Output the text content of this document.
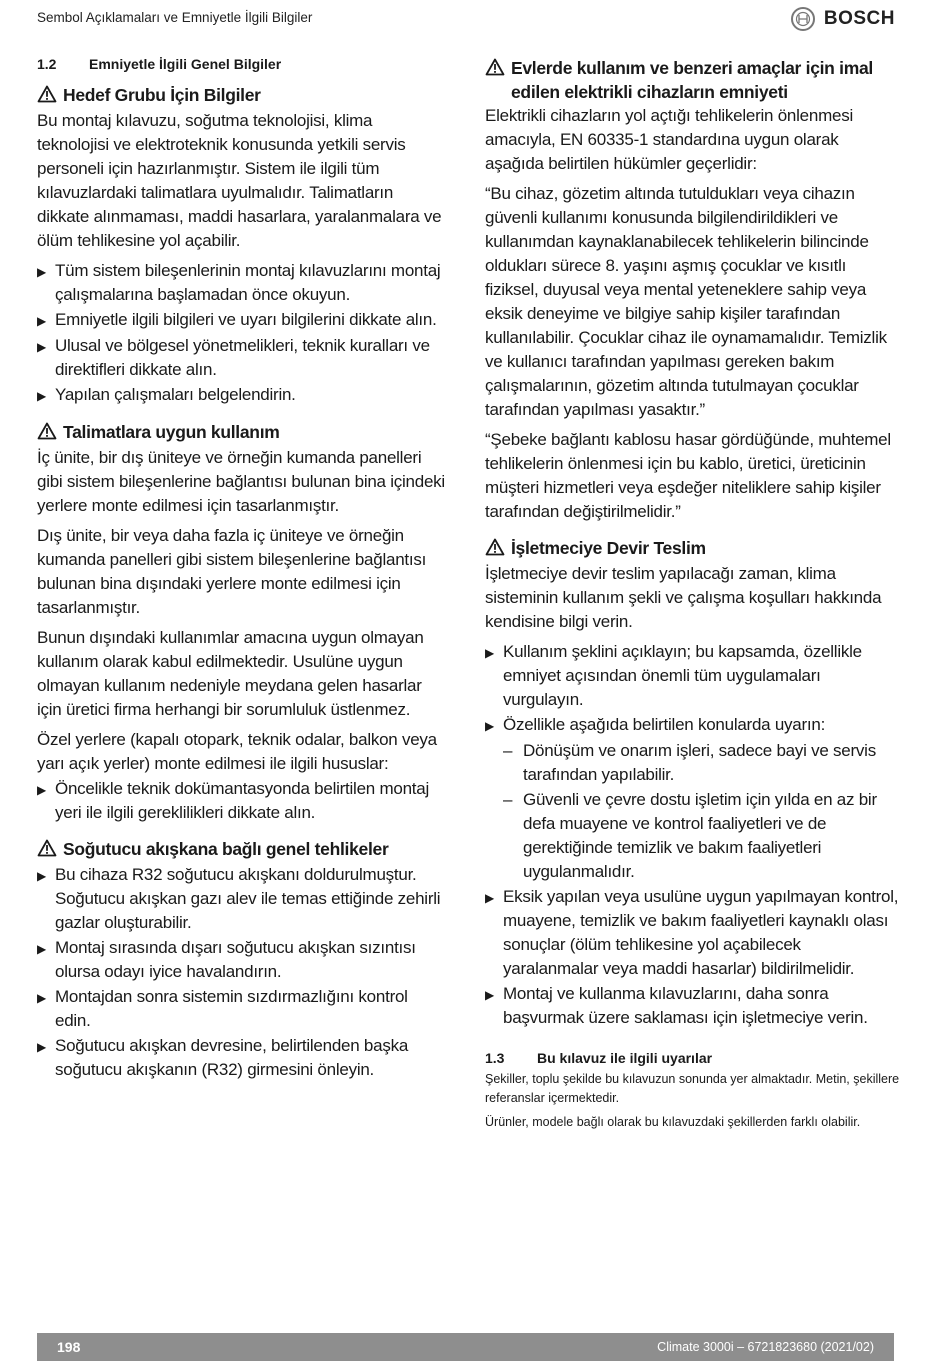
Sembol Açıklamaları ve Emniyetle İlgili Bilgiler	BOSCH
1.2	Emniyetle İlgili Genel Bilgiler
Hedef Grubu İçin Bilgiler

Bu montaj kılavuzu, soğutma teknolojisi, klima teknolojisi ve elektroteknik konusunda yetkili servis personeli için hazırlanmıştır. Sistem ile ilgili tüm kılavuzlardaki talimatlara uyulmalıdır. Talimatların dikkate alınmaması, maddi hasarlara, yaralanmalara ve ölüm tehlikesine yol açabilir.

▶ Tüm sistem bileşenlerinin montaj kılavuzlarını montaj çalışmalarına başlamadan önce okuyun.
▶ Emniyetle ilgili bilgileri ve uyarı bilgilerini dikkate alın.
▶ Ulusal ve bölgesel yönetmelikleri, teknik kuralları ve direktifleri dikkate alın.
▶ Yapılan çalışmaları belgelendirin.
Talimatlara uygun kullanım

İç ünite, bir dış üniteye ve örneğin kumanda panelleri gibi sistem bileşenlerine bağlantısı bulunan bina içindeki yerlere monte edilmesi için tasarlanmıştır.

Dış ünite, bir veya daha fazla iç üniteye ve örneğin kumanda panelleri gibi sistem bileşenlerine bağlantısı bulunan bina dışındaki yerlere monte edilmesi için tasarlanmıştır.

Bunun dışındaki kullanımlar amacına uygun olmayan kullanım olarak kabul edilmektedir. Usulüne uygun olmayan kullanım nedeniyle meydana gelen hasarlar için üretici firma herhangi bir sorumluluk üstlenmez.

Özel yerlere (kapalı otopark, teknik odalar, balkon veya yarı açık yerler) monte edilmesi ile ilgili hususlar:

▶ Öncelikle teknik dokümantasyonda belirtilen montaj yeri ile ilgili gereklilikleri dikkate alın.
Soğutucu akışkana bağlı genel tehlikeler
▶ Bu cihaza R32 soğutucu akışkanı doldurulmuştur. Soğutucu akışkan gazı alev ile temas ettiğinde zehirli gazlar oluşturabilir.
▶ Montaj sırasında dışarı soğutucu akışkan sızıntısı olursa odayı iyice havalandırın.
▶ Montajdan sonra sistemin sızdırmazlığını kontrol edin.
▶ Soğutucu akışkan devresine, belirtilenden başka soğutucu akışkanın (R32) girmesini önleyin.
Evlerde kullanım ve benzeri amaçlar için imal edilen elektrikli cihazların emniyeti

Elektrikli cihazların yol açtığı tehlikelerin önlenmesi amacıyla, EN 60335-1 standardına uygun olarak aşağıda belirtilen hükümler geçerlidir:

“Bu cihaz, gözetim altında tutuldukları veya cihazın güvenli kullanımı konusunda bilgilendirildikleri ve kullanımdan kaynaklanabilecek tehlikelerin bilincinde oldukları sürece 8. yaşını aşmış çocuklar ve kısıtlı fiziksel, duyusal veya mental yeteneklere sahip veya eksik deneyime ve bilgiye sahip kişiler tarafından kullanılabilir. Çocuklar cihaz ile oynamamalıdır. Temizlik ve kullanıcı tarafından yapılması gereken bakım çalışmalarının, gözetim altında tutulmayan çocuklar tarafından yapılması yasaktır.”

“Şebeke bağlantı kablosu hasar gördüğünde, muhtemel tehlikelerin önlenmesi için bu kablo, üretici, üreticinin müşteri hizmetleri veya eşdeğer niteliklere sahip kişiler tarafından değiştirilmelidir.”

İşletmeciye Devir Teslim

İşletmeciye devir teslim yapılacağı zaman, klima sisteminin kullanım şekli ve çalışma koşulları hakkında kendisine bilgi verin.

▶ Kullanım şeklini açıklayın; bu kapsamda, özellikle emniyet açısından önemli tüm uygulamaları vurgulayın.
▶ Özellikle aşağıda belirtilen konularda uyarın:
– Dönüşüm ve onarım işleri, sadece bayi ve servis tarafından yapılabilir.
– Güvenli ve çevre dostu işletim için yılda en az bir defa muayene ve kontrol faaliyetleri ve de gerektiğinde temizlik ve bakım faaliyetleri uygulanmalıdır.
▶ Eksik yapılan veya usulüne uygun yapılmayan kontrol, muayene, temizlik ve bakım faaliyetleri kaynaklı olası sonuçlar (ölüm tehlikesine yol açabilecek yaralanmalar veya maddi hasarlar) bildirilmelidir.
▶ Montaj ve kullanma kılavuzlarını, daha sonra başvurmak üzere saklaması için işletmeciye verin.
1.3	Bu kılavuz ile ilgili uyarılar

Şekiller, toplu şekilde bu kılavuzun sonunda yer almaktadır. Metin, şekillere referanslar içermektedir.

Ürünler, modele bağlı olarak bu kılavuzdaki şekillerden farklı olabilir.

198	Climate 3000i – 6721823680 (2021/02)
